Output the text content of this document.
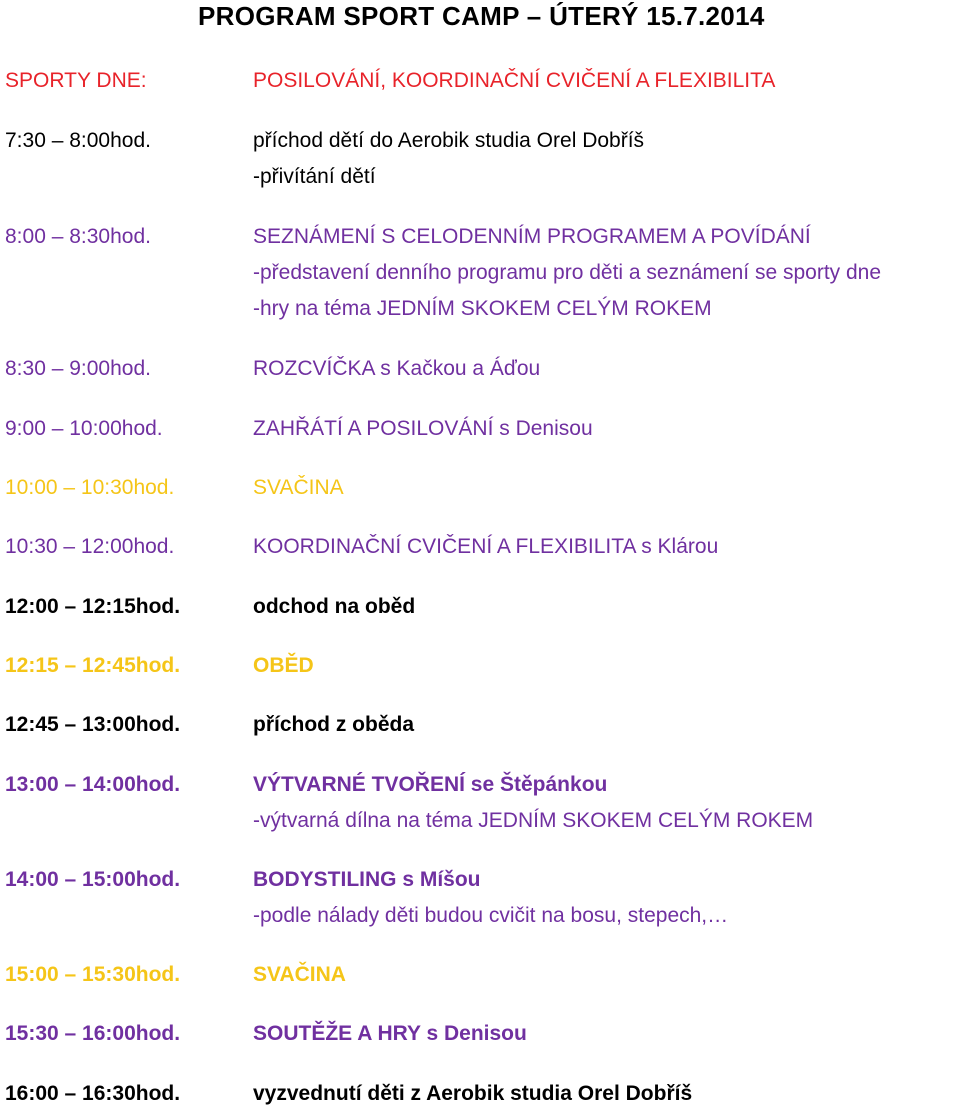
PROGRAM SPORT CAMP – ÚTERÝ 15.7.2014
SPORTY DNE:	POSILOVÁNÍ, KOORDINAČNÍ CVIČENÍ A FLEXIBILITA
7:30 – 8:00hod.	příchod dětí do Aerobik studia Orel Dobříš
-přivítání dětí
8:00 – 8:30hod.	SEZNÁMENÍ S CELODENNÍM PROGRAMEM A POVÍDÁNÍ
-představení denního programu pro děti a seznámení se sporty dne
-hry na téma JEDNÍM SKOKEM CELÝM ROKEM
8:30 – 9:00hod.	ROZCVÍČKA s Kačkou a Áďou
9:00 – 10:00hod.	ZAHŘÁTÍ A POSILOVÁNÍ s Denisou
10:00 – 10:30hod.	SVAČINA
10:30 – 12:00hod.	KOORDINAČNÍ CVIČENÍ A FLEXIBILITA s Klárou
12:00 – 12:15hod.	odchod na oběd
12:15 – 12:45hod.	OBĚD
12:45 – 13:00hod.	příchod z oběda
13:00 – 14:00hod.	VÝTVARNÉ TVOŘENÍ se Štěpánkou
-výtvarná dílna na téma JEDNÍM SKOKEM CELÝM ROKEM
14:00 – 15:00hod.	BODYSTILING s Míšou
-podle nálady děti budou cvičit na bosu, stepech,…
15:00 – 15:30hod.	SVAČINA
15:30 – 16:00hod.	SOUTĚŽE A HRY s Denisou
16:00 – 16:30hod.	vyzvednutí děti z Aerobik studia Orel Dobříš
